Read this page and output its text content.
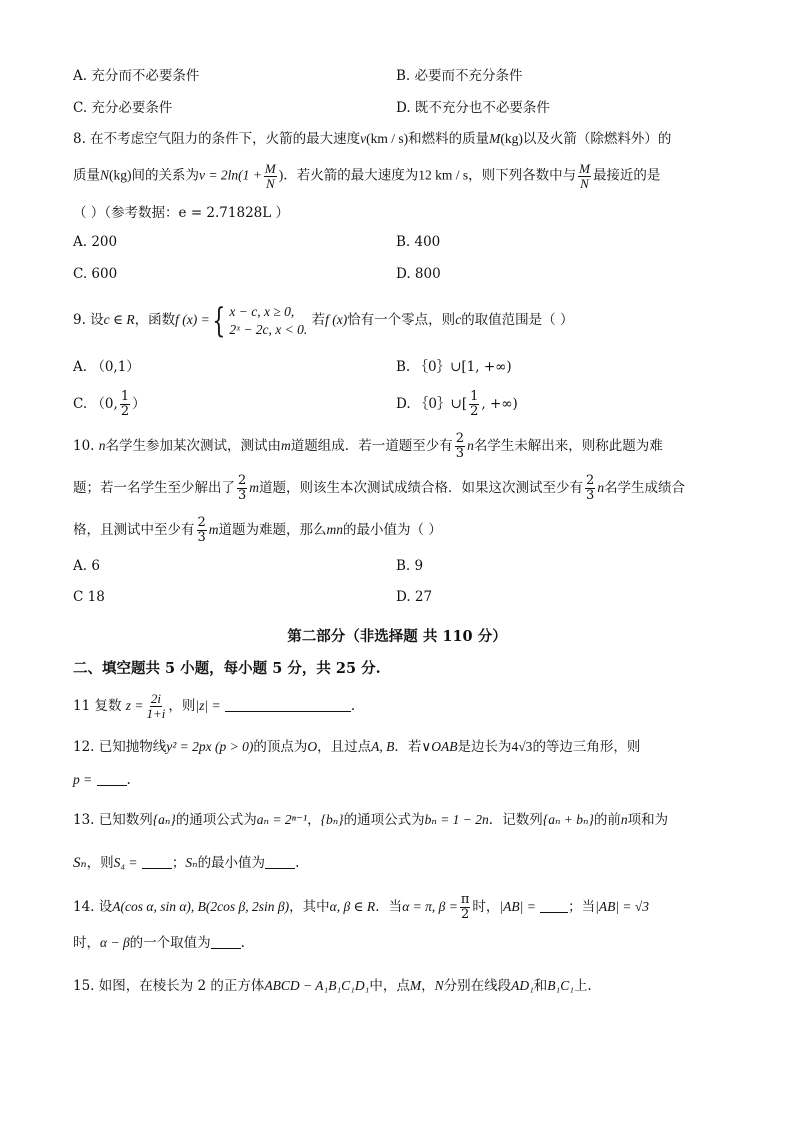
A. 充分而不必要条件	B. 必要而不充分条件
C. 充分必要条件	D. 既不充分也不必要条件
8. 在不考虑空气阻力的条件下，火箭的最大速度v(km / s)和燃料的质量M(kg)以及火箭（除燃料外）的
质量N(kg)间的关系为$v = 2\ln(1 + \frac{M}{N}$ )．若火箭的最大速度为12 km / s，则下列各数中与 $\frac{M}{N}$ 最接近的是
（ ）（参考数据：e = 2.71828L ）
A. 200	B. 400
C. 600	D. 800
9. 设c ∈ R，函数f (x) ={ x − c, x ≥ 0,
2ˣ − 2c, x < 0.
若f (x)恰有一个零点，则c的取值范围是（ ）
A. （0,1）	B. ｛0｝∪[1, +∞)
C. （0, $\frac{1}{2}$ ）	D. ｛0｝∪[ $\frac{1}{2}$ , +∞)
10. n名学生参加某次测试，测试由m道题组成．若一道题至少有 $\frac{2}{3}$ n名学生未解出来，则称此题为难
题；若一名学生至少解出了 $\frac{2}{3}$ m道题，则该生本次测试成绩合格．如果这次测试至少有 $\frac{2}{3}$ n名学生成绩合
格，且测试中至少有 $\frac{2}{3}$ m道题为难题，那么mn的最小值为（ ）
A. 6	B. 9
C 18	D. 27
第二部分（非选择题 共 110 分）
二、填空题共 5 小题，每小题 5 分，共 25 分.
11 复数 $z = \frac{2i}{1+i}$ ，则|z| =	.
12. 已知抛物线y² = 2px (p > 0)的顶点为O，且过点A, B．若∨OAB是边长为4√3的等边三角形，则
p =	.
13. 已知数列{aₙ}的通项公式为aₙ = 2ⁿ⁻¹，{bₙ}的通项公式为bₙ = 1 − 2n．记数列{aₙ + bₙ}的前n项和为
Sₙ，则S₄ =	；Sₙ的最小值为 .
14. 设A(cos α, sin α), B(2cos β, 2sin β)，其中α, β ∈ R．当α = π, $\beta = \frac{\pi}{2}$ 时，|AB| = ；当|AB| = √3
时，α − β的一个取值为 .
15. 如图，在棱长为 2 的正方体ABCD − A₁B₁C₁D₁中，点M，N分别在线段AD₁和B₁C₁上.
